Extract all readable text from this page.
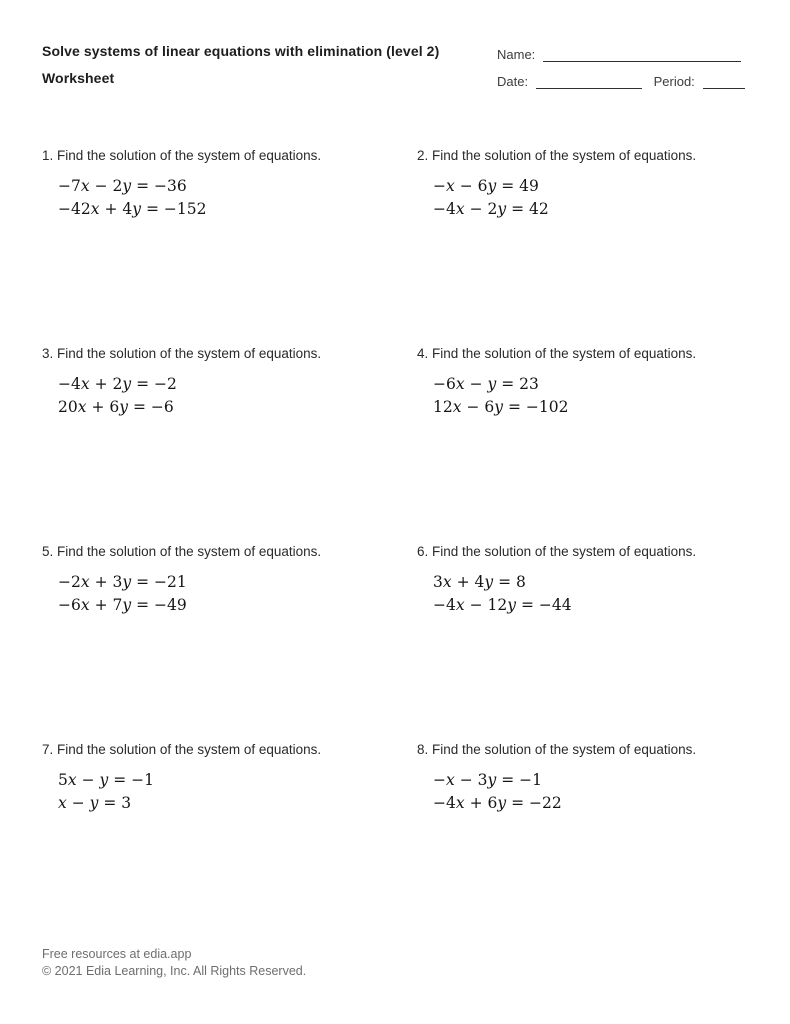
Solve systems of linear equations with elimination (level 2)
Worksheet
Name:
Date:	Period:
1. Find the solution of the system of equations.
−7x − 2y = −36
−42x + 4y = −152
2. Find the solution of the system of equations.
−x − 6y = 49
−4x − 2y = 42
3. Find the solution of the system of equations.
−4x + 2y = −2
20x + 6y = −6
4. Find the solution of the system of equations.
−6x − y = 23
12x − 6y = −102
5. Find the solution of the system of equations.
−2x + 3y = −21
−6x + 7y = −49
6. Find the solution of the system of equations.
3x + 4y = 8
−4x − 12y = −44
7. Find the solution of the system of equations.
5x − y = −1
x − y = 3
8. Find the solution of the system of equations.
−x − 3y = −1
−4x + 6y = −22
Free resources at edia.app
© 2021 Edia Learning, Inc. All Rights Reserved.
